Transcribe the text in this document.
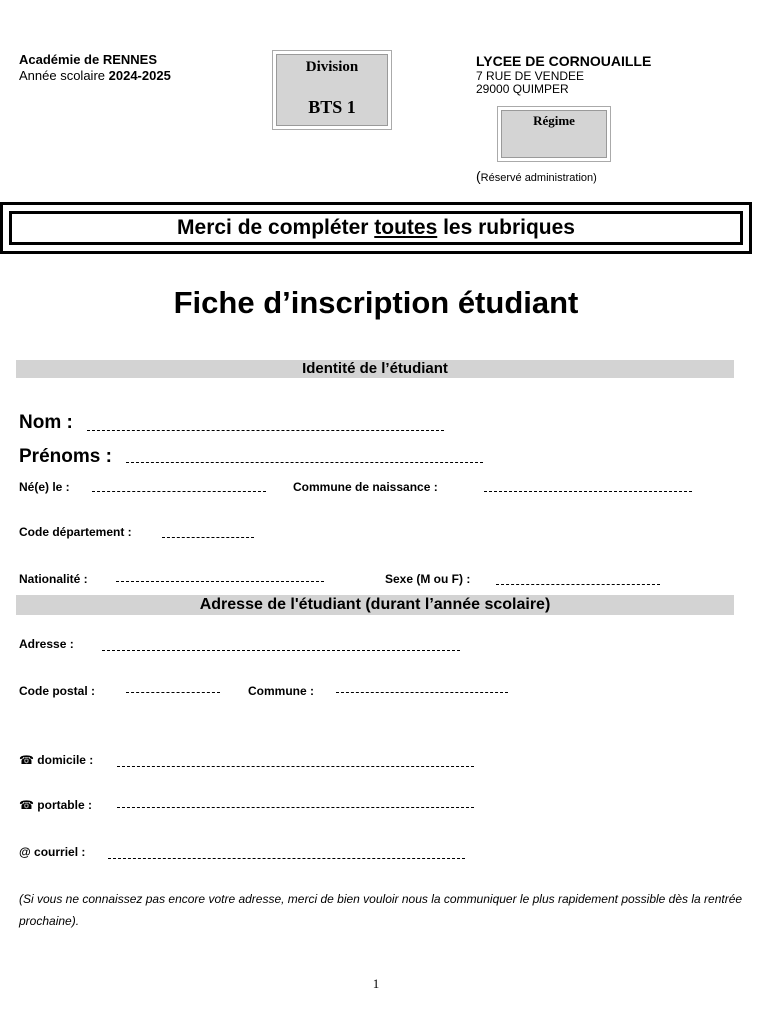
Académie de RENNES
Année scolaire 2024-2025
Division
BTS 1
LYCEE DE CORNOUAILLE
7 RUE DE VENDEE
29000 QUIMPER
Régime
(Réservé administration)
Merci de compléter toutes les rubriques
Fiche d’inscription étudiant
Identité de l’étudiant
Nom :
Prénoms :
Né(e) le :	Commune de naissance :
Code département :
Nationalité :	Sexe (M ou F) :
Adresse de l'étudiant (durant l’année scolaire)
Adresse :
Code postal :	Commune :
☎ domicile :
☎ portable :
@ courriel :
(Si vous ne connaissez pas encore votre adresse, merci de bien vouloir nous la communiquer le plus rapidement possible dès la rentrée prochaine).
1
